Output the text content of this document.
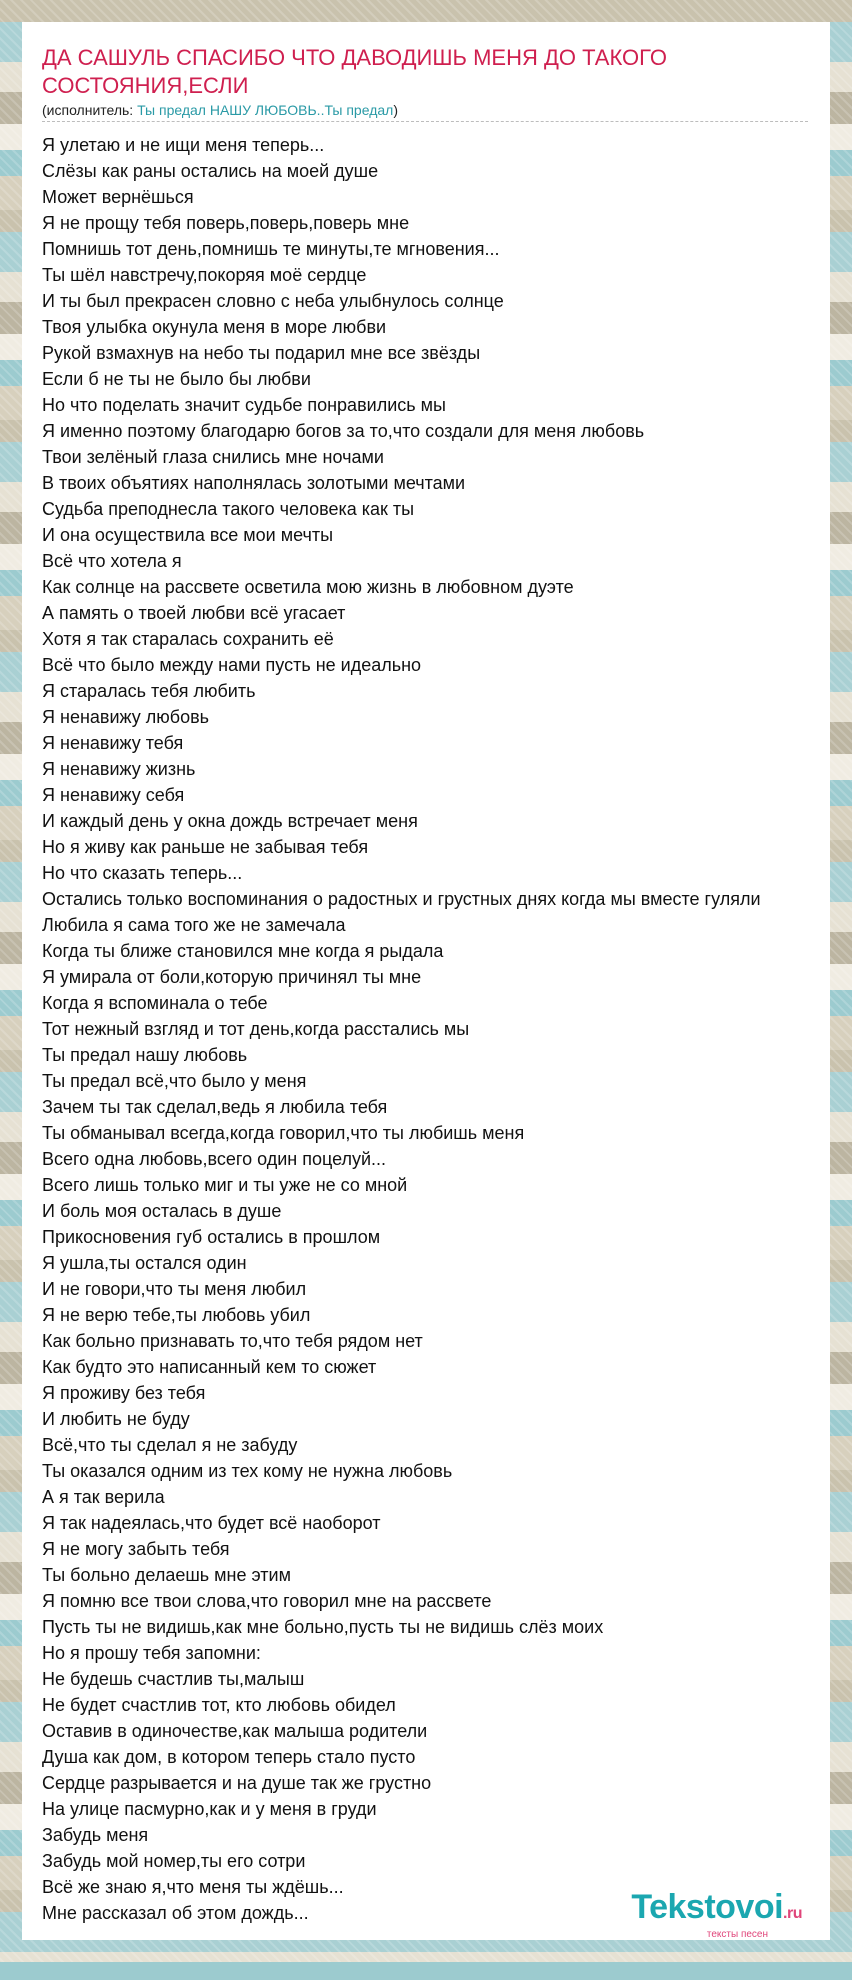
ДА САШУЛЬ СПАСИБО ЧТО ДАВОДИШЬ МЕНЯ ДО ТАКОГО СОСТОЯНИЯ,ЕСЛИ
(исполнитель: Ты предал НАШУ ЛЮБОВЬ..Ты предал)
Я улетаю и не ищи меня теперь...
Слёзы как раны остались на моей душе
Может вернёшься
Я не прощу тебя поверь,поверь,поверь мне
Помнишь тот день,помнишь те минуты,те мгновения...
Ты шёл навстречу,покоряя моё сердце
И ты был прекрасен словно с неба улыбнулось солнце
Твоя улыбка окунула меня в море любви
Рукой взмахнув на небо ты подарил мне все звёзды
Если б не ты не было бы любви
Но что поделать значит судьбе понравились мы
Я именно поэтому благодарю богов за то,что создали для меня любовь
Твои зелёный глаза снились мне ночами
В твоих объятиях наполнялась золотыми мечтами
Судьба преподнесла такого человека как ты
И она осуществила все мои мечты
Всё что хотела я
Как солнце на рассвете осветила мою жизнь в любовном дуэте
А память о твоей любви всё угасает
Хотя я так старалась сохранить её
Всё что было между нами пусть не идеально
Я старалась тебя любить
Я ненавижу любовь
Я ненавижу тебя
Я ненавижу жизнь
Я ненавижу себя
И каждый день у окна дождь встречает меня
Но я живу как раньше не забывая тебя
Но что сказать теперь...
Остались только воспоминания о радостных и грустных днях когда мы вместе гуляли
Любила я сама того же не замечала
Когда ты ближе становился мне когда я рыдала
Я умирала от боли,которую причинял ты мне
Когда я вспоминала о тебе
Тот нежный взгляд и тот день,когда расстались мы
Ты предал нашу любовь
Ты предал всё,что было у меня
Зачем ты так сделал,ведь я любила тебя
Ты обманывал всегда,когда говорил,что ты любишь меня
Всего одна любовь,всего один поцелуй...
Всего лишь только миг и ты уже не со мной
И боль моя осталась в душе
Прикосновения губ остались в прошлом
Я ушла,ты остался один
И не говори,что ты меня любил
Я не верю тебе,ты любовь убил
Как больно признавать то,что тебя рядом нет
Как будто это написанный кем то сюжет
Я проживу без тебя
И любить не буду
Всё,что ты сделал я не забуду
Ты оказался одним из тех кому не нужна любовь
А я так верила
Я так надеялась,что будет всё наоборот
Я не могу забыть тебя
Ты больно делаешь мне этим
Я помню все твои слова,что говорил мне на рассвете
Пусть ты не видишь,как мне больно,пусть ты не видишь слёз моих
Но я прошу тебя запомни:
Не будешь счастлив ты,малыш
Не будет счастлив тот, кто любовь обидел
Оставив в одиночестве,как малыша родители
Душа как дом, в котором теперь стало пусто
Сердце разрывается и на душе так же грустно
На улице пасмурно,как и у меня в груди
Забудь меня
Забудь мой номер,ты его сотри
Всё же знаю я,что меня ты ждёшь...
Мне рассказал об этом дождь...	Tekstovoi.ru
тексты песен
